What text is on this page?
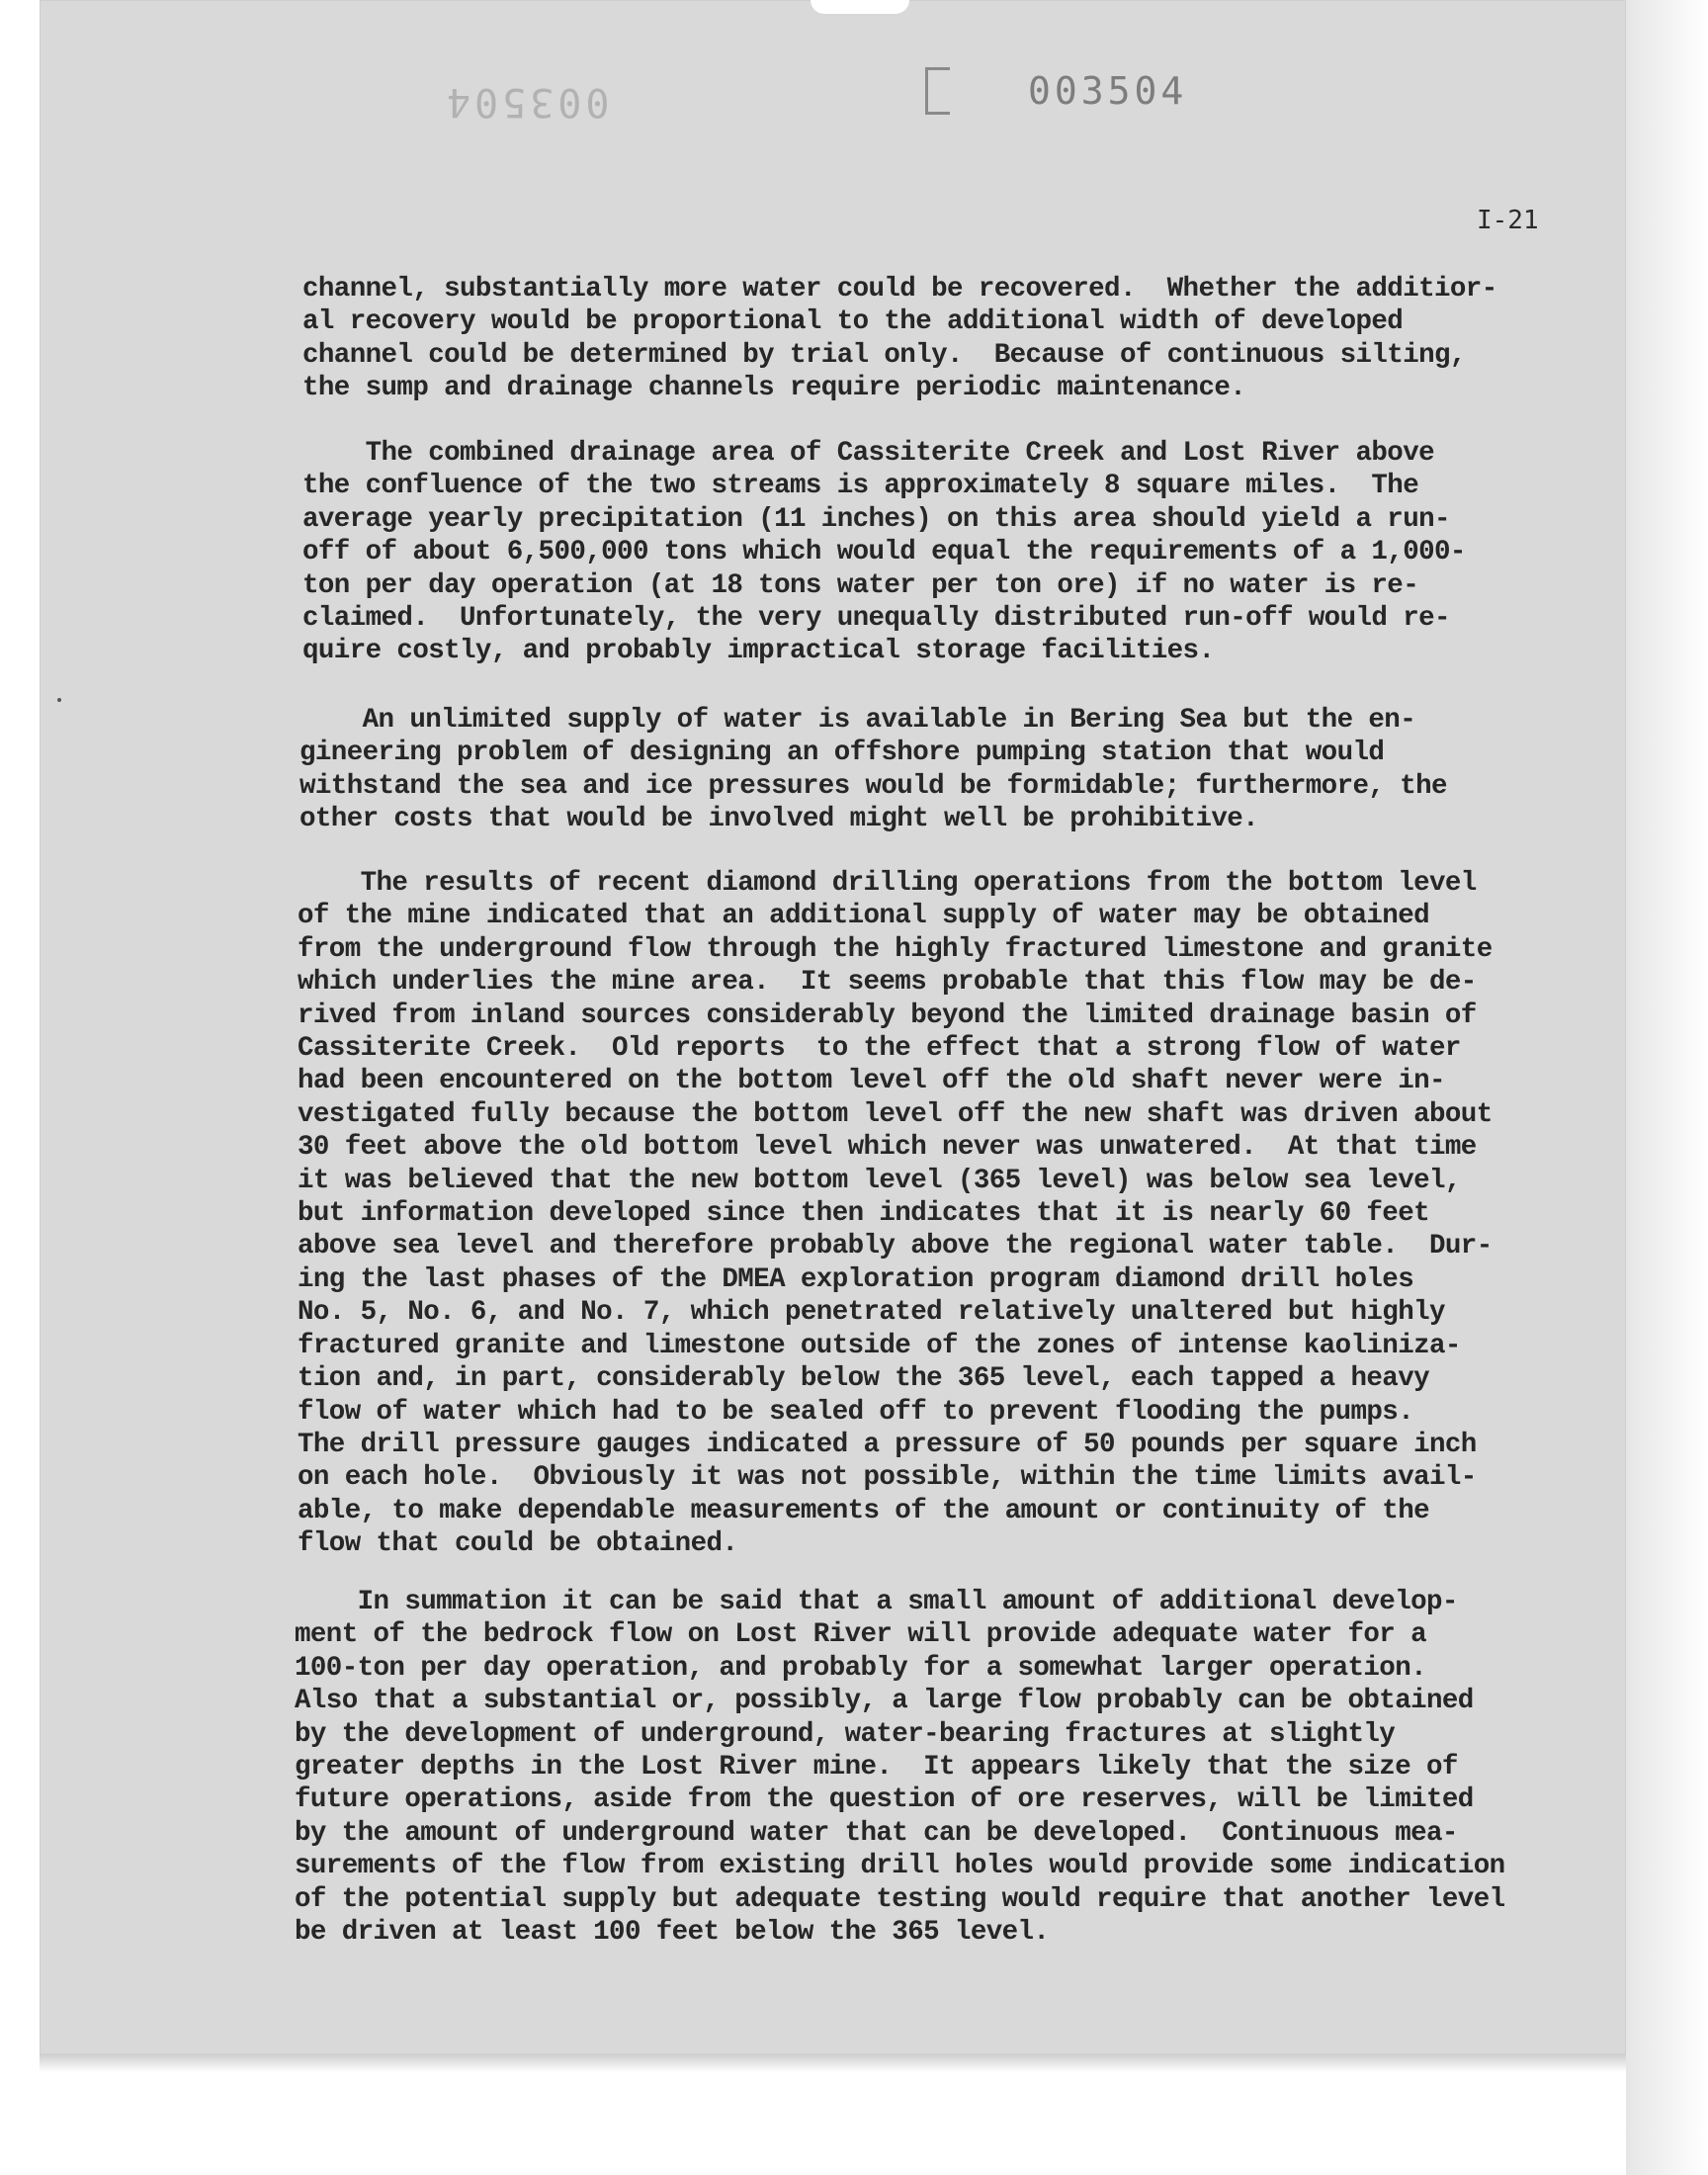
003504	003504
I-21
channel, substantially more water could be recovered.  Whether the additior-
al recovery would be proportional to the additional width of developed
channel could be determined by trial only.  Because of continuous silting,
the sump and drainage channels require periodic maintenance.
The combined drainage area of Cassiterite Creek and Lost River above
the confluence of the two streams is approximately 8 square miles.  The
average yearly precipitation (11 inches) on this area should yield a run-
off of about 6,500,000 tons which would equal the requirements of a 1,000-
ton per day operation (at 18 tons water per ton ore) if no water is re-
claimed.  Unfortunately, the very unequally distributed run-off would re-
quire costly, and probably impractical storage facilities.
An unlimited supply of water is available in Bering Sea but the en-
gineering problem of designing an offshore pumping station that would
withstand the sea and ice pressures would be formidable; furthermore, the
other costs that would be involved might well be prohibitive.
The results of recent diamond drilling operations from the bottom level
of the mine indicated that an additional supply of water may be obtained
from the underground flow through the highly fractured limestone and granite
which underlies the mine area.  It seems probable that this flow may be de-
rived from inland sources considerably beyond the limited drainage basin of
Cassiterite Creek.  Old reports  to the effect that a strong flow of water
had been encountered on the bottom level off the old shaft never were in-
vestigated fully because the bottom level off the new shaft was driven about
30 feet above the old bottom level which never was unwatered.  At that time
it was believed that the new bottom level (365 level) was below sea level,
but information developed since then indicates that it is nearly 60 feet
above sea level and therefore probably above the regional water table.  Dur-
ing the last phases of the DMEA exploration program diamond drill holes
No. 5, No. 6, and No. 7, which penetrated relatively unaltered but highly
fractured granite and limestone outside of the zones of intense kaoliniza-
tion and, in part, considerably below the 365 level, each tapped a heavy
flow of water which had to be sealed off to prevent flooding the pumps.
The drill pressure gauges indicated a pressure of 50 pounds per square inch
on each hole.  Obviously it was not possible, within the time limits avail-
able, to make dependable measurements of the amount or continuity of the
flow that could be obtained.
In summation it can be said that a small amount of additional develop-
ment of the bedrock flow on Lost River will provide adequate water for a
100-ton per day operation, and probably for a somewhat larger operation.
Also that a substantial or, possibly, a large flow probably can be obtained
by the development of underground, water-bearing fractures at slightly
greater depths in the Lost River mine.  It appears likely that the size of
future operations, aside from the question of ore reserves, will be limited
by the amount of underground water that can be developed.  Continuous mea-
surements of the flow from existing drill holes would provide some indication
of the potential supply but adequate testing would require that another level
be driven at least 100 feet below the 365 level.
